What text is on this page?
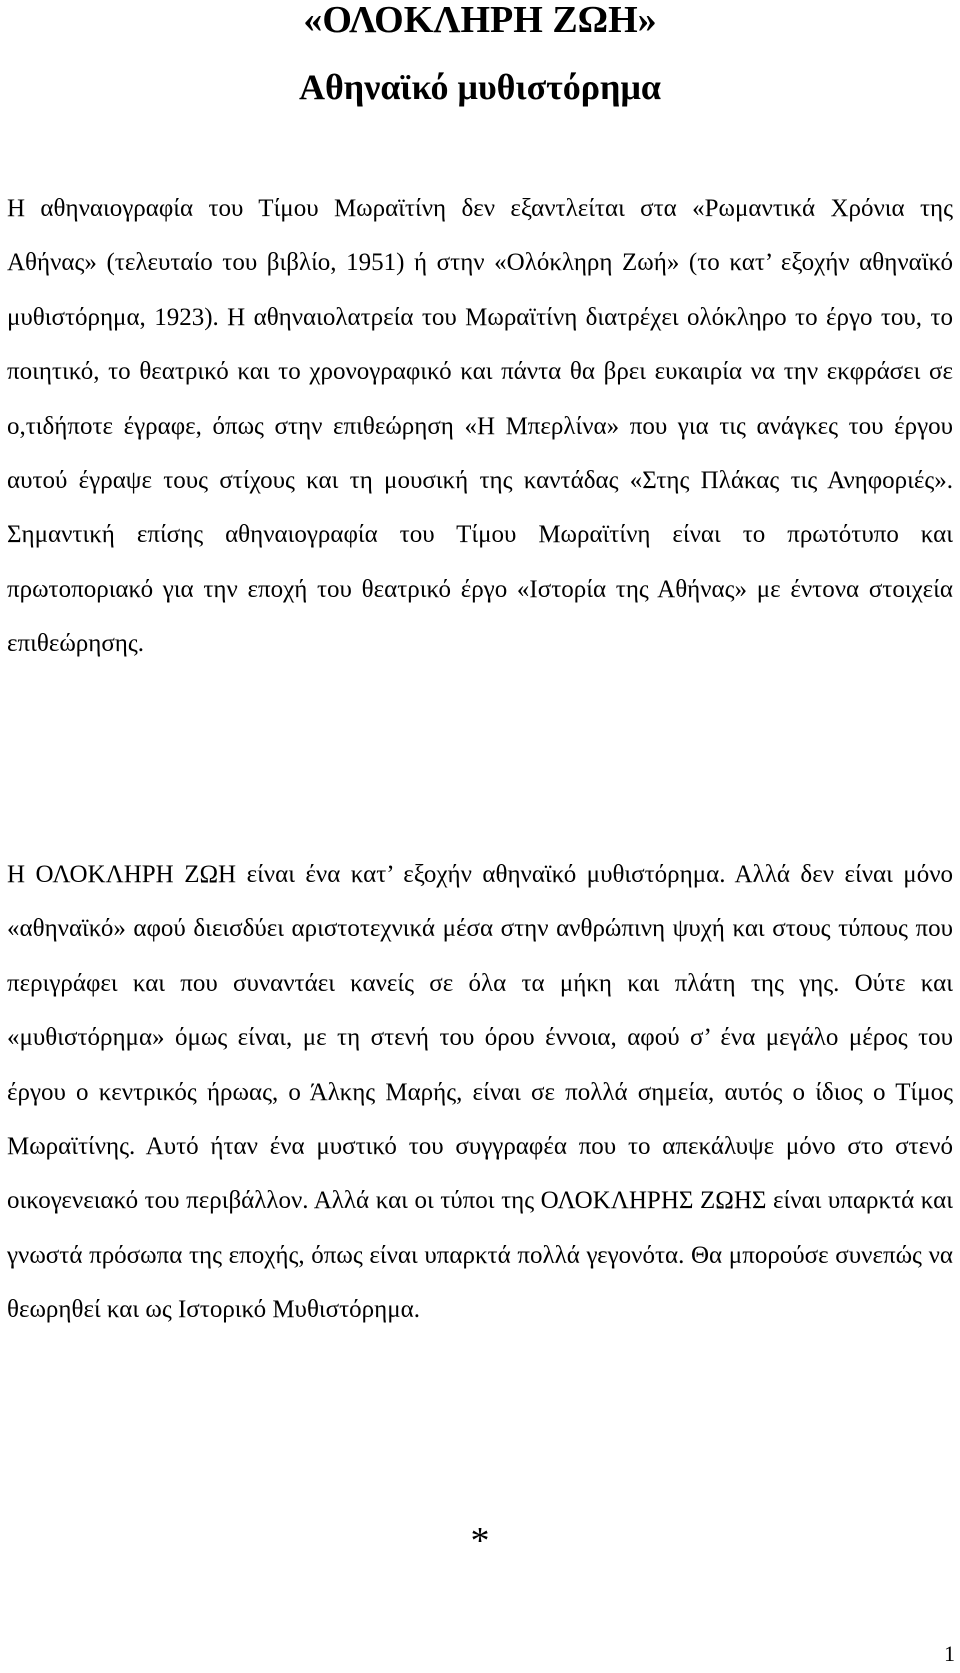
«ΟΛΟΚΛΗΡΗ ΖΩΗ»
Αθηναϊκό μυθιστόρημα

Η αθηναιογραφία του Τίμου Μωραϊτίνη δεν εξαντλείται στα «Ρωμαντικά Χρόνια της Αθήνας» (τελευταίο του βιβλίο, 1951) ή στην «Ολόκληρη Ζωή» (το κατ’ εξοχήν αθηναϊκό μυθιστόρημα, 1923). Η αθηναιολατρεία του Μωραϊτίνη διατρέχει ολόκληρο το έργο του, το ποιητικό, το θεατρικό και το χρονογραφικό και πάντα θα βρει ευκαιρία να την εκφράσει σε ο,τιδήποτε έγραφε, όπως στην επιθεώρηση «Η Μπερλίνα» που για τις ανάγκες του έργου αυτού έγραψε τους στίχους και τη μουσική της καντάδας «Στης Πλάκας τις Ανηφοριές». Σημαντική επίσης αθηναιογραφία του Τίμου Μωραϊτίνη είναι το πρωτότυπο και πρωτοποριακό για την εποχή του θεατρικό έργο «Ιστορία της Αθήνας» με έντονα στοιχεία επιθεώρησης.

Η ΟΛΟΚΛΗΡΗ ΖΩΗ είναι ένα κατ’ εξοχήν αθηναϊκό μυθιστόρημα. Αλλά δεν είναι μόνο «αθηναϊκό» αφού διεισδύει αριστοτεχνικά μέσα στην ανθρώπινη ψυχή και στους τύπους που περιγράφει και που συναντάει κανείς σε όλα τα μήκη και πλάτη της γης. Ούτε και «μυθιστόρημα» όμως είναι, με τη στενή του όρου έννοια, αφού σ’ ένα μεγάλο μέρος του έργου ο κεντρικός ήρωας, ο Άλκης Μαρής, είναι σε πολλά σημεία, αυτός ο ίδιος ο Τίμος Μωραϊτίνης. Αυτό ήταν ένα μυστικό του συγγραφέα που το απεκάλυψε μόνο στο στενό οικογενειακό του περιβάλλον. Αλλά και οι τύποι της ΟΛΟΚΛΗΡΗΣ ΖΩΗΣ είναι υπαρκτά και γνωστά πρόσωπα της εποχής, όπως είναι υπαρκτά πολλά γεγονότα. Θα μπορούσε συνεπώς να θεωρηθεί και ως Ιστορικό Μυθιστόρημα.

*
1
